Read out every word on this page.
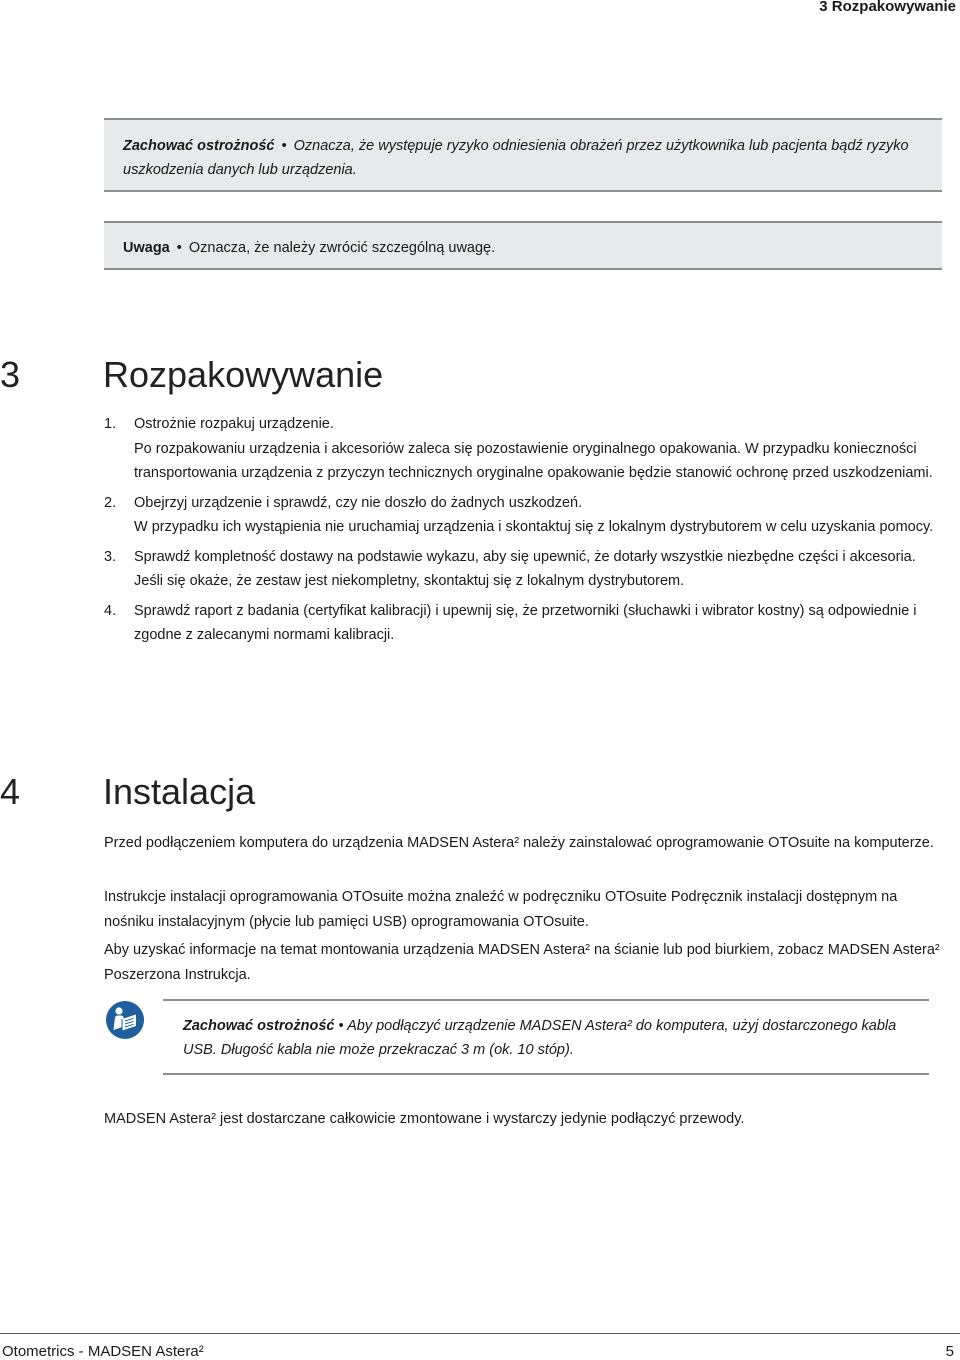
3 Rozpakowywanie
Zachować ostrożność • Oznacza, że występuje ryzyko odniesienia obrażeń przez użytkownika lub pacjenta bądź ryzyko uszkodzenia danych lub urządzenia.
Uwaga • Oznacza, że należy zwrócić szczególną uwagę.
3 Rozpakowywanie
1. Ostrożnie rozpakuj urządzenie.
Po rozpakowaniu urządzenia i akcesoriów zaleca się pozostawienie oryginalnego opakowania. W przypadku konieczności transportowania urządzenia z przyczyn technicznych oryginalne opakowanie będzie stanowić ochronę przed uszkodzeniami.
2. Obejrzyj urządzenie i sprawdź, czy nie doszło do żadnych uszkodzeń.
W przypadku ich wystąpienia nie uruchamiaj urządzenia i skontaktuj się z lokalnym dystrybutorem w celu uzyskania pomocy.
3. Sprawdź kompletność dostawy na podstawie wykazu, aby się upewnić, że dotarły wszystkie niezbędne części i akcesoria.
Jeśli się okaże, że zestaw jest niekompletny, skontaktuj się z lokalnym dystrybutorem.
4. Sprawdź raport z badania (certyfikat kalibracji) i upewnij się, że przetworniki (słuchawki i wibrator kostny) są odpowiednie i zgodne z zalecanymi normami kalibracji.
4 Instalacja

Przed podłączeniem komputera do urządzenia MADSEN Astera² należy zainstalować oprogramowanie OTOsuite na komputerze.

Instrukcje instalacji oprogramowania OTOsuite można znaleźć w podręczniku OTOsuite Podręcznik instalacji dostępnym na nośniku instalacyjnym (płycie lub pamięci USB) oprogramowania OTOsuite.

Aby uzyskać informacje na temat montowania urządzenia MADSEN Astera² na ścianie lub pod biurkiem, zobacz MADSEN Astera² Poszerzona Instrukcja.

Zachować ostrożność • Aby podłączyć urządzenie MADSEN Astera² do komputera, użyj dostarczonego kabla USB. Długość kabla nie może przekraczać 3 m (ok. 10 stóp).

MADSEN Astera² jest dostarczane całkowicie zmontowane i wystarczy jedynie podłączyć przewody.

Otometrics - MADSEN Astera²	5
